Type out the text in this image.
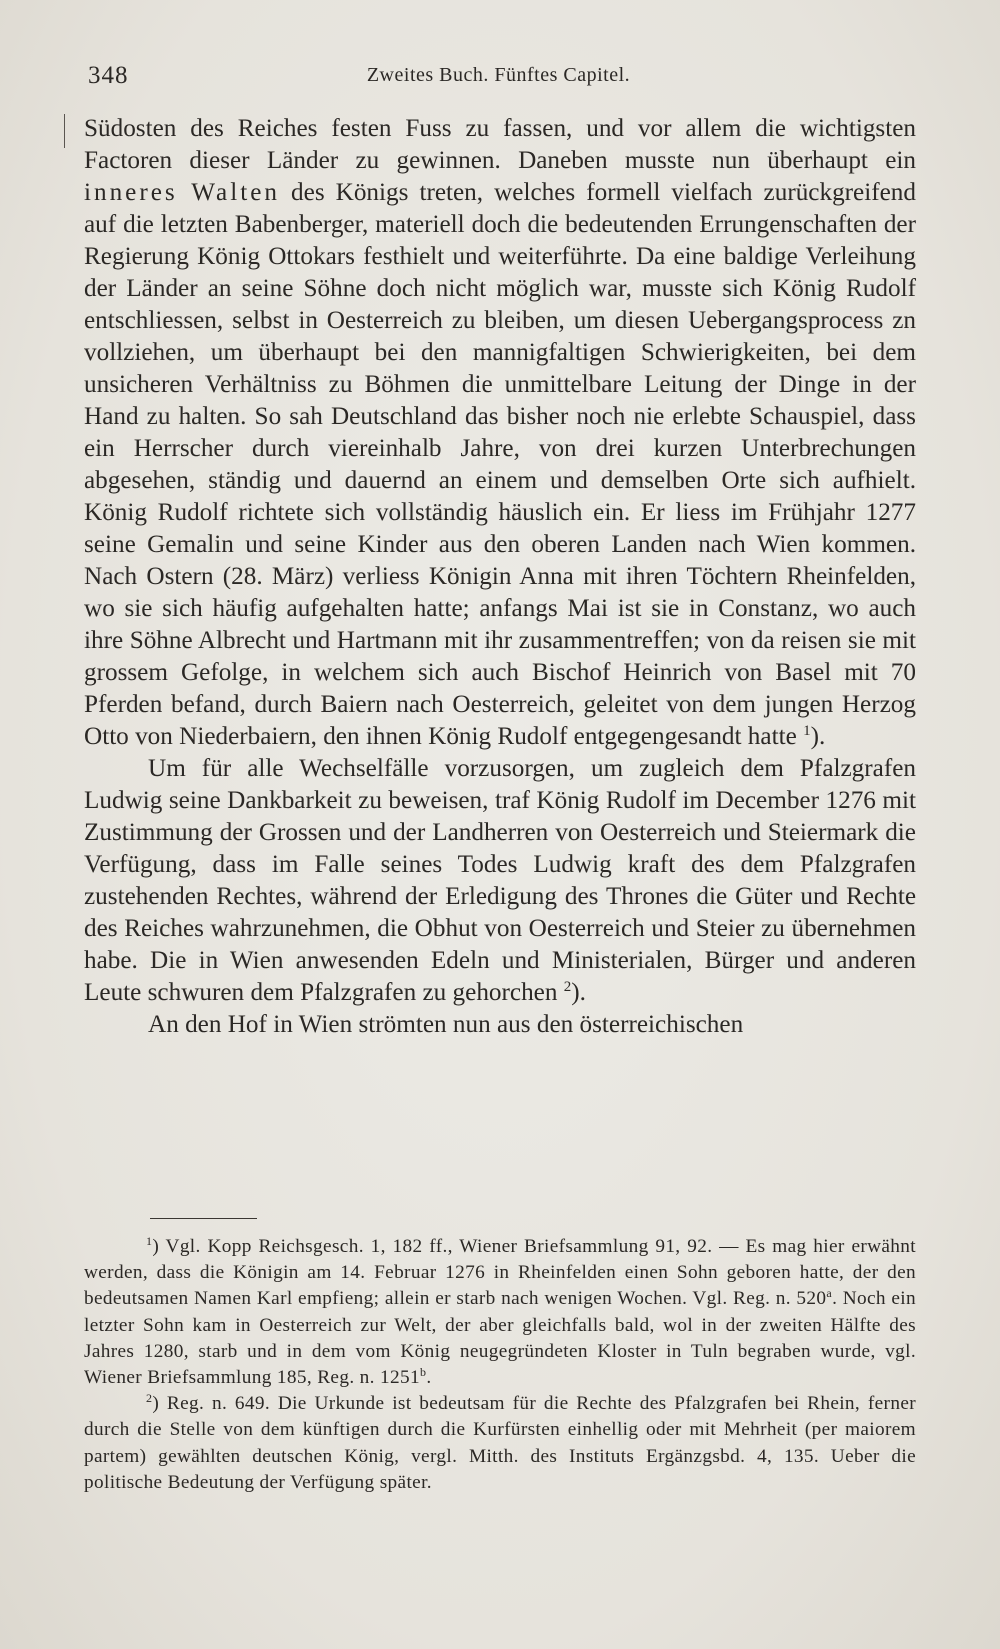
348	Zweites Buch. Fünftes Capitel.

Südosten des Reiches festen Fuss zu fassen, und vor allem die wichtigsten Factoren dieser Länder zu gewinnen. Daneben musste nun überhaupt ein inneres Walten des Königs treten, welches formell vielfach zurückgreifend auf die letzten Babenberger, materiell doch die bedeutenden Errungenschaften der Regierung König Ottokars festhielt und weiterführte. Da eine baldige Verleihung der Länder an seine Söhne doch nicht möglich war, musste sich König Rudolf entschliessen, selbst in Oesterreich zu bleiben, um diesen Uebergangsprocess zn vollziehen, um überhaupt bei den mannigfaltigen Schwierigkeiten, bei dem unsicheren Verhältniss zu Böhmen die unmittelbare Leitung der Dinge in der Hand zu halten. So sah Deutschland das bisher noch nie erlebte Schauspiel, dass ein Herrscher durch viereinhalb Jahre, von drei kurzen Unterbrechungen abgesehen, ständig und dauernd an einem und demselben Orte sich aufhielt. König Rudolf richtete sich vollständig häuslich ein. Er liess im Frühjahr 1277 seine Gemalin und seine Kinder aus den oberen Landen nach Wien kommen. Nach Ostern (28. März) verliess Königin Anna mit ihren Töchtern Rheinfelden, wo sie sich häufig aufgehalten hatte; anfangs Mai ist sie in Constanz, wo auch ihre Söhne Albrecht und Hartmann mit ihr zusammentreffen; von da reisen sie mit grossem Gefolge, in welchem sich auch Bischof Heinrich von Basel mit 70 Pferden befand, durch Baiern nach Oesterreich, geleitet von dem jungen Herzog Otto von Niederbaiern, den ihnen König Rudolf entgegengesandt hatte $^1$).

Um für alle Wechselfälle vorzusorgen, um zugleich dem Pfalzgrafen Ludwig seine Dankbarkeit zu beweisen, traf König Rudolf im December 1276 mit Zustimmung der Grossen und der Landherren von Oesterreich und Steiermark die Verfügung, dass im Falle seines Todes Ludwig kraft des dem Pfalzgrafen zustehenden Rechtes, während der Erledigung des Thrones die Güter und Rechte des Reiches wahrzunehmen, die Obhut von Oesterreich und Steier zu übernehmen habe. Die in Wien anwesenden Edeln und Ministerialen, Bürger und anderen Leute schwuren dem Pfalzgrafen zu gehorchen $^2$).

An den Hof in Wien strömten nun aus den österreichischen

$^1$) Vgl. Kopp Reichsgesch. 1, 182 ff., Wiener Briefsammlung 91, 92. — Es mag hier erwähnt werden, dass die Königin am 14. Februar 1276 in Rheinfelden einen Sohn geboren hatte, der den bedeutsamen Namen Karl empfieng; allein er starb nach wenigen Wochen. Vgl. Reg. n. 520$^a$. Noch ein letzter Sohn kam in Oesterreich zur Welt, der aber gleichfalls bald, wol in der zweiten Hälfte des Jahres 1280, starb und in dem vom König neugegründeten Kloster in Tuln begraben wurde, vgl. Wiener Briefsammlung 185, Reg. n. 1251$^b$.

$^2$) Reg. n. 649. Die Urkunde ist bedeutsam für die Rechte des Pfalzgrafen bei Rhein, ferner durch die Stelle von dem künftigen durch die Kurfürsten einhellig oder mit Mehrheit (per maiorem partem) gewählten deutschen König, vergl. Mitth. des Instituts Ergänzgsbd. 4, 135. Ueber die politische Bedeutung der Verfügung später.
